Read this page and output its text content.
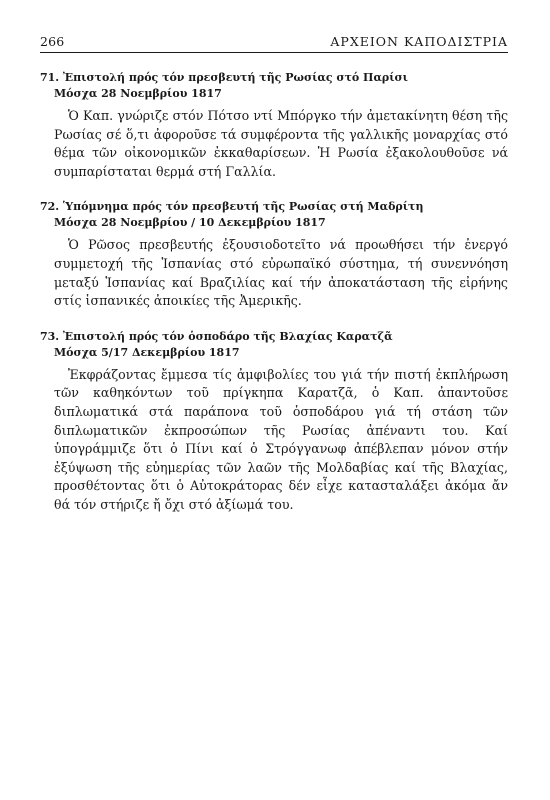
266	ΑΡΧΕΙΟΝ ΚΑΠΟΔΙΣΤΡΙΑ
71. Ἐπιστολή πρός τόν πρεσβευτή τῆς Ρωσίας στό Παρίσι
Μόσχα 28 Νοεμβρίου 1817
Ὁ Καπ. γνώριζε στόν Πότσο ντί Μπόργκο τήν ἀμετακίνητη θέση τῆς Ρωσίας σέ ὅ,τι ἀφοροῦσε τά συμφέροντα τῆς γαλλικῆς μοναρχίας στό θέμα τῶν οἰκονομικῶν ἐκκαθαρίσεων. Ἡ Ρωσία ἐξακολουθοῦσε νά συμπαρίσταται θερμά στή Γαλλία.
72. Ὑπόμνημα πρός τόν πρεσβευτή τῆς Ρωσίας στή Μαδρίτη
Μόσχα 28 Νοεμβρίου / 10 Δεκεμβρίου 1817
Ὁ Ρῶσος πρεσβευτής ἐξουσιοδοτεῖτο νά προωθήσει τήν ἐνεργό συμμετοχή τῆς Ἱσπανίας στό εὐρωπαϊκό σύστημα, τή συνεννόηση μεταξύ Ἱσπανίας καί Βραζιλίας καί τήν ἀποκατάσταση τῆς εἰρήνης στίς ἱσπανικές ἀποικίες τῆς Ἀμερικῆς.
73. Ἐπιστολή πρός τόν ὁσποδάρο τῆς Βλαχίας Καρατζᾶ
Μόσχα 5/17 Δεκεμβρίου 1817
Ἐκφράζοντας ἔμμεσα τίς ἀμφιβολίες του γιά τήν πιστή ἐκπλήρωση τῶν καθηκόντων τοῦ πρίγκηπα Καρατζᾶ, ὁ Καπ. ἀπαντοῦσε διπλωματικά στά παράπονα τοῦ ὁσποδάρου γιά τή στάση τῶν διπλωματικῶν ἐκπροσώπων τῆς Ρωσίας ἀπέναντι του. Καί ὑπογράμμιζε ὅτι ὁ Πίνι καί ὁ Στρόγγανωφ ἀπέβλεπαν μόνον στήν ἐξύψωση τῆς εὐημερίας τῶν λαῶν τῆς Μολδαβίας καί τῆς Βλαχίας, προσθέτοντας ὅτι ὁ Αὐτοκράτορας δέν εἶχε κατασταλάξει ἀκόμα ἄν θά τόν στήριζε ἤ ὄχι στό ἀξίωμά του.
